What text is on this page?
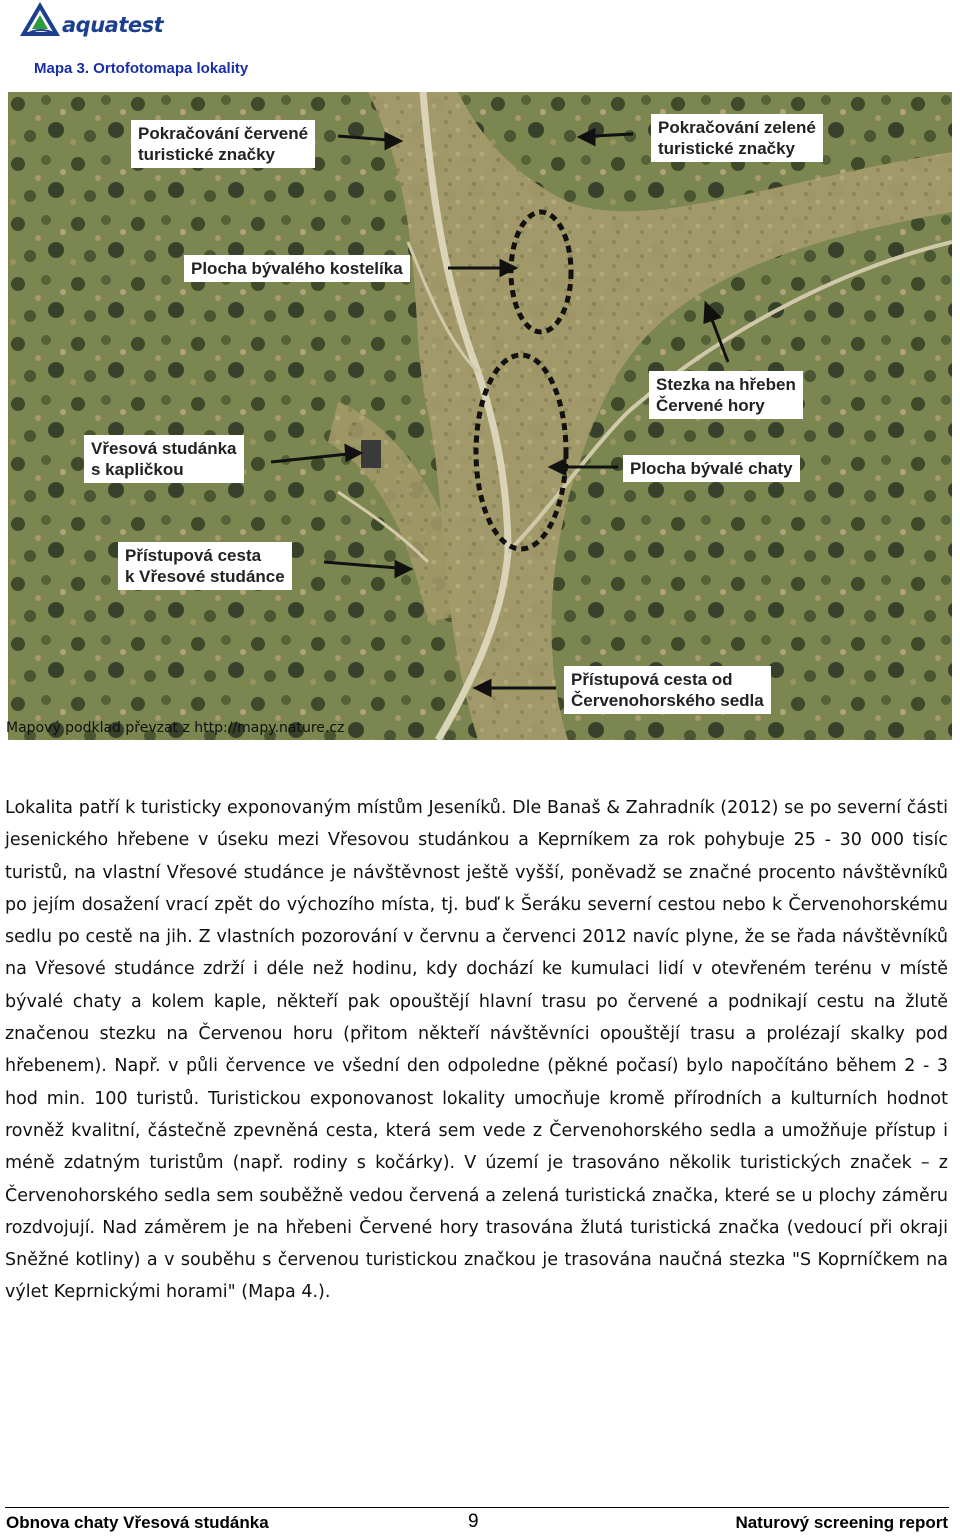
aquatest
Mapa 3. Ortofotomapa lokality
Pokračování červené
turistické značky
Pokračování zelené
turistické značky
Plocha bývalého kostelíka
Stezka na hřeben
Červené hory
Vřesová studánka
s kapličkou	Plocha bývalé chaty
Přístupová cesta
k Vřesové studánce
Přístupová cesta od
Červenohorského sedla
Mapový podklad převzat z http://mapy.nature.cz
Lokalita patří k turisticky exponovaným místům Jeseníků. Dle Banaš & Zahradník (2012) se po severní části jesenického hřebene v úseku mezi Vřesovou studánkou a Keprníkem za rok pohybuje 25 - 30 000 tisíc turistů, na vlastní Vřesové studánce je návštěvnost ještě vyšší, poněvadž se značné procento návštěvníků po jejím dosažení vrací zpět do výchozího místa, tj. buď k Šeráku severní cestou nebo k Červenohorskému sedlu po cestě na jih. Z vlastních pozorování v červnu a červenci 2012 navíc plyne, že se řada návštěvníků na Vřesové studánce zdrží i déle než hodinu, kdy dochází ke kumulaci lidí v otevřeném terénu v místě bývalé chaty a kolem kaple, někteří pak opouštějí hlavní trasu po červené a podnikají cestu na žlutě značenou stezku na Červenou horu (přitom někteří návštěvníci opouštějí trasu a prolézají skalky pod hřebenem). Např. v půli července ve všední den odpoledne (pěkné počasí) bylo napočítáno během 2 - 3 hod min. 100 turistů. Turistickou exponovanost lokality umocňuje kromě přírodních a kulturních hodnot rovněž kvalitní, částečně zpevněná cesta, která sem vede z Červenohorského sedla a umožňuje přístup i méně zdatným turistům (např. rodiny s kočárky). V území je trasováno několik turistických značek – z Červenohorského sedla sem souběžně vedou červená a zelená turistická značka, které se u plochy záměru rozdvojují. Nad záměrem je na hřebeni Červené hory trasována žlutá turistická značka (vedoucí při okraji Sněžné kotliny) a v souběhu s červenou turistickou značkou je trasována naučná stezka "S Koprníčkem na výlet Keprnickými horami" (Mapa 4.).
Obnova chaty Vřesová studánka	9	Naturový screening report
